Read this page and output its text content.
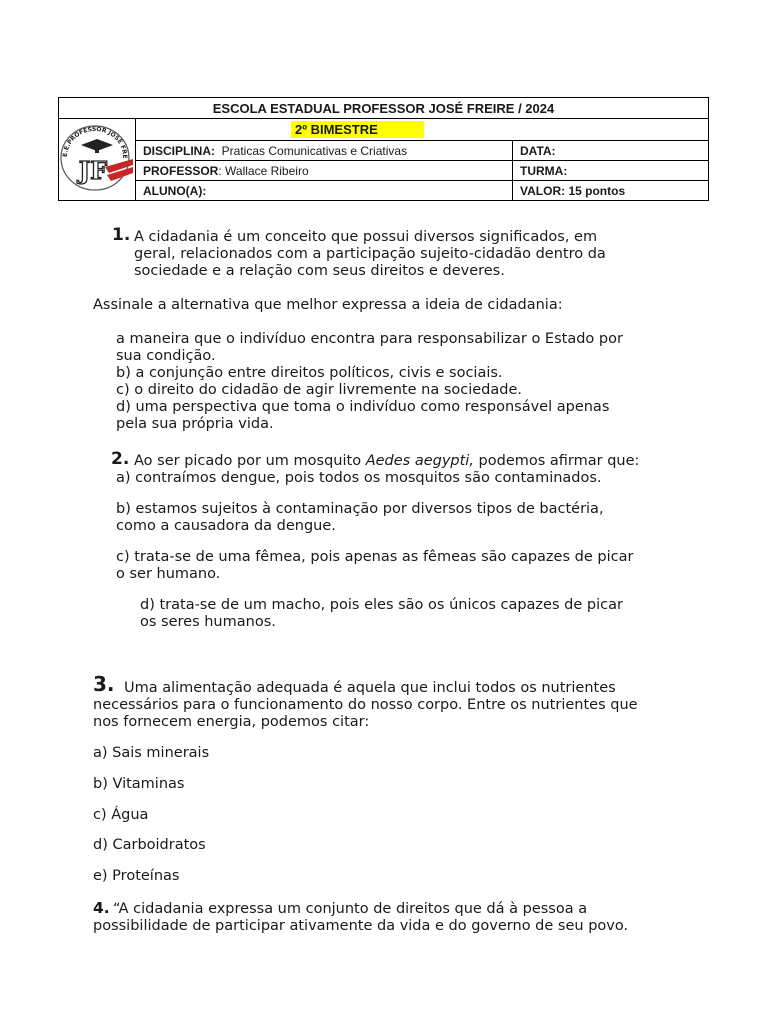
ESCOLA ESTADUAL PROFESSOR JOSÉ FREIRE / 2024		

E.E.PROFESSOR JOSÉ FRE
JF	2º BIMESTRE	
	DISCIPLINA: Praticas Comunicativas e Criativas	DATA:
	PROFESSOR: Wallace Ribeiro	TURMA:
	ALUNO(A):	VALOR: 15 pontos
1. A cidadania é um conceito que possui diversos significados, em

geral, relacionados com a participação sujeito-cidadão dentro da

sociedade e a relação com seus direitos e deveres.

Assinale a alternativa que melhor expressa a ideia de cidadania:

a maneira que o indivíduo encontra para responsabilizar o Estado por

sua condição.

b) a conjunção entre direitos políticos, civis e sociais.

c) o direito do cidadão de agir livremente na sociedade.

d) uma perspectiva que toma o indivíduo como responsável apenas

pela sua própria vida.

2. Ao ser picado por um mosquito Aedes aegypti, podemos afirmar que:

a) contraímos dengue, pois todos os mosquitos são contaminados.

b) estamos sujeitos à contaminação por diversos tipos de bactéria,

como a causadora da dengue.

c) trata-se de uma fêmea, pois apenas as fêmeas são capazes de picar

o ser humano.

d) trata-se de um macho, pois eles são os únicos capazes de picar

os seres humanos.

3. Uma alimentação adequada é aquela que inclui todos os nutrientes

necessários para o funcionamento do nosso corpo. Entre os nutrientes que

nos fornecem energia, podemos citar:

a) Sais minerais

b) Vitaminas

c) Água

d) Carboidratos

e) Proteínas

4. “A cidadania expressa um conjunto de direitos que dá à pessoa a

possibilidade de participar ativamente da vida e do governo de seu povo.
